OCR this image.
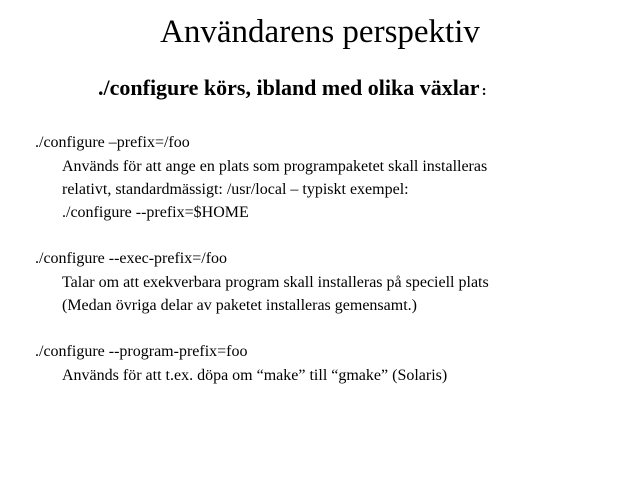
Användarens perspektiv
./configure körs, ibland med olika växlar :
./configure –prefix=/foo
Används för att ange en plats som programpaketet skall installeras
relativt, standardmässigt: /usr/local – typiskt exempel:
./configure --prefix=$HOME
./configure --exec-prefix=/foo
Talar om att exekverbara program skall installeras på speciell plats
(Medan övriga delar av paketet installeras gemensamt.)
./configure --program-prefix=foo
Används för att t.ex. döpa om “make” till “gmake” (Solaris)
